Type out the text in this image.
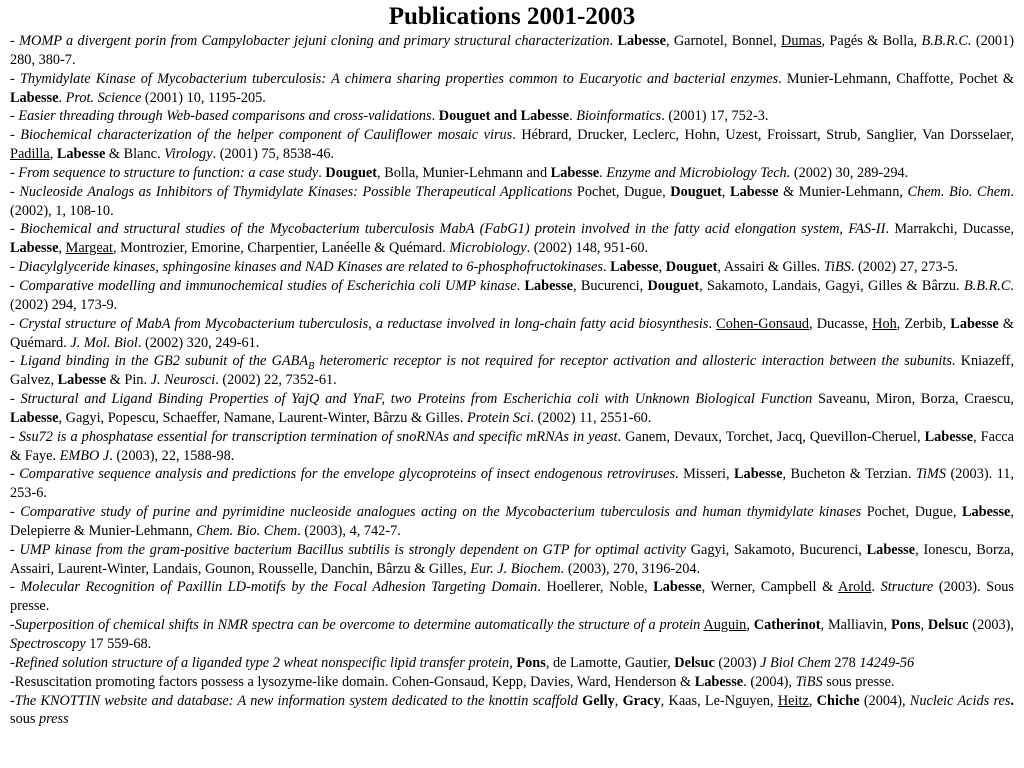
Publications 2001-2003
- MOMP a divergent porin from Campylobacter jejuni cloning and primary structural characterization. Labesse, Garnotel, Bonnel, Dumas, Pagés & Bolla, B.B.R.C. (2001) 280, 380-7.
- Thymidylate Kinase of Mycobacterium tuberculosis: A chimera sharing properties common to Eucaryotic and bacterial enzymes. Munier-Lehmann, Chaffotte, Pochet & Labesse. Prot. Science (2001) 10, 1195-205.
- Easier threading through Web-based comparisons and cross-validations. Douguet and Labesse. Bioinformatics. (2001) 17, 752-3.
- Biochemical characterization of the helper component of Cauliflower mosaic virus. Hébrard, Drucker, Leclerc, Hohn, Uzest, Froissart, Strub, Sanglier, Van Dorsselaer, Padilla, Labesse & Blanc. Virology. (2001) 75, 8538-46.
- From sequence to structure to function: a case study. Douguet, Bolla, Munier-Lehmann and Labesse. Enzyme and Microbiology Tech. (2002) 30, 289-294.
- Nucleoside Analogs as Inhibitors of Thymidylate Kinases: Possible Therapeutical Applications Pochet, Dugue, Douguet, Labesse & Munier-Lehmann, Chem. Bio. Chem. (2002), 1, 108-10.
- Biochemical and structural studies of the Mycobacterium tuberculosis MabA (FabG1) protein involved in the fatty acid elongation system, FAS-II. Marrakchi, Ducasse, Labesse, Margeat, Montrozier, Emorine, Charpentier, Lanéelle & Quémard. Microbiology. (2002) 148, 951-60.
- Diacylglyceride kinases, sphingosine kinases and NAD Kinases are related to 6-phosphofructokinases. Labesse, Douguet, Assairi & Gilles. TiBS. (2002) 27, 273-5.
- Comparative modelling and immunochemical studies of Escherichia coli UMP kinase. Labesse, Bucurenci, Douguet, Sakamoto, Landais, Gagyi, Gilles & Bârzu. B.B.R.C. (2002) 294, 173-9.
- Crystal structure of MabA from Mycobacterium tuberculosis, a reductase involved in long-chain fatty acid biosynthesis. Cohen-Gonsaud, Ducasse, Hoh, Zerbib, Labesse & Quémard. J. Mol. Biol. (2002) 320, 249-61.
- Ligand binding in the GB2 subunit of the $GABA_B$ heteromeric receptor is not required for receptor activation and allosteric interaction between the subunits. Kniazeff, Galvez, Labesse & Pin. J. Neurosci. (2002) 22, 7352-61.
- Structural and Ligand Binding Properties of YajQ and YnaF, two Proteins from Escherichia coli with Unknown Biological Function Saveanu, Miron, Borza, Craescu, Labesse, Gagyi, Popescu, Schaeffer, Namane, Laurent-Winter, Bârzu & Gilles. Protein Sci. (2002) 11, 2551-60.
- Ssu72 is a phosphatase essential for transcription termination of snoRNAs and specific mRNAs in yeast. Ganem, Devaux, Torchet, Jacq, Quevillon-Cheruel, Labesse, Facca & Faye. EMBO J. (2003), 22, 1588-98.
- Comparative sequence analysis and predictions for the envelope glycoproteins of insect endogenous retroviruses. Misseri, Labesse, Bucheton & Terzian. TiMS (2003). 11, 253-6.
- Comparative study of purine and pyrimidine nucleoside analogues acting on the Mycobacterium tuberculosis and human thymidylate kinases Pochet, Dugue, Labesse, Delepierre & Munier-Lehmann, Chem. Bio. Chem. (2003), 4, 742-7.
- UMP kinase from the gram-positive bacterium Bacillus subtilis is strongly dependent on GTP for optimal activity Gagyi, Sakamoto, Bucurenci, Labesse, Ionescu, Borza, Assairi, Laurent-Winter, Landais, Gounon, Rousselle, Danchin, Bârzu & Gilles, Eur. J. Biochem. (2003), 270, 3196-204.
- Molecular Recognition of Paxillin LD-motifs by the Focal Adhesion Targeting Domain. Hoellerer, Noble, Labesse, Werner, Campbell & Arold. Structure (2003). Sous presse.
-Superposition of chemical shifts in NMR spectra can be overcome to determine automatically the structure of a protein Auguin, Catherinot, Malliavin, Pons, Delsuc (2003), Spectroscopy 17 559-68.
-Refined solution structure of a liganded type 2 wheat nonspecific lipid transfer protein, Pons, de Lamotte, Gautier, Delsuc (2003) J Biol Chem 278 14249-56
-Resuscitation promoting factors possess a lysozyme-like domain. Cohen-Gonsaud, Kepp, Davies, Ward, Henderson & Labesse. (2004), TiBS sous presse.
-The KNOTTIN website and database: A new information system dedicated to the knottin scaffold Gelly, Gracy, Kaas, Le-Nguyen, Heitz, Chiche (2004), Nucleic Acids res. sous press
